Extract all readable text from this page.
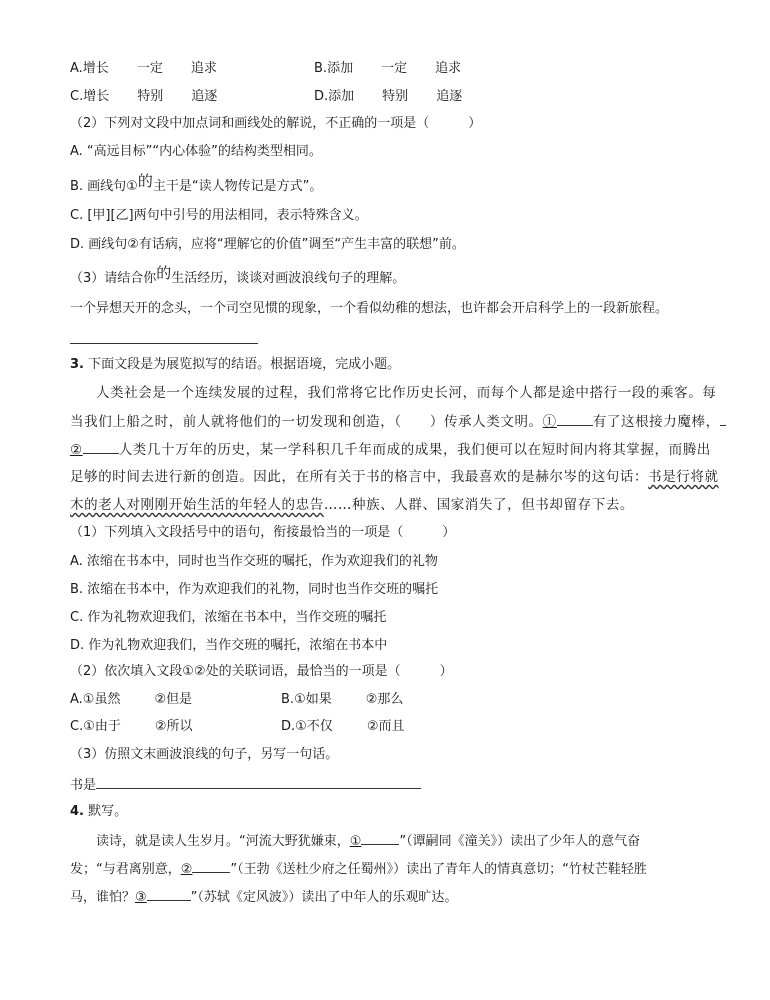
A.增长 一定 追求	B.添加 一定 追求
C.增长 特别 追逐	D.添加 特别 追逐
（2）下列对文段中加点词和画线处的解说，不正确的一项是（　　　）
A. “高远目标”“内心体验”的结构类型相同。
B. 画线句①的主干是“读人物传记是方式”。
C. [甲][乙]两句中引号的用法相同，表示特殊含义。
D. 画线句②有话病，应将“理解它的价值”调至“产生丰富的联想”前。
（3）请结合你的生活经历，谈谈对画波浪线句子的理解。
一个异想天开的念头，一个司空见惯的现象，一个看似幼稚的想法，也许都会开启科学上的一段新旅程。
3. 下面文段是为展览拟写的结语。根据语境，完成小题。
人类社会是一个连续发展的过程，我们常将它比作历史长河，而每个人都是途中搭行一段的乘客。每
当我们上船之时，前人就将他们的一切发现和创造，（　　）传承人类文明。①	有了这根接力魔棒，
②	人类几十万年的历史，某一学科积几千年而成的成果，我们便可以在短时间内将其掌握，而腾出
足够的时间去进行新的创造。因此，在所有关于书的格言中，我最喜欢的是赫尔岑的这句话：书是行将就
木的老人对刚刚开始生活的年轻人的忠告……种族、人群、国家消失了，但书却留存下去。
（1）下列填入文段括号中的语句，衔接最恰当的一项是（　　　）
A. 浓缩在书本中，同时也当作交班的嘱托，作为欢迎我们的礼物
B. 浓缩在书本中，作为欢迎我们的礼物，同时也当作交班的嘱托
C. 作为礼物欢迎我们，浓缩在书本中，当作交班的嘱托
D. 作为礼物欢迎我们，当作交班的嘱托，浓缩在书本中
（2）依次填入文段①②处的关联词语，最恰当的一项是（　　　）
A.①虽然	②但是	B.①如果	②那么
C.①由于	②所以	D.①不仅	②而且
（3）仿照文末画波浪线的句子，另写一句话。
书是
4. 默写。
读诗，就是读人生岁月。“河流大野犹嫌束，①	”（谭嗣同《潼关》）读出了少年人的意气奋
发；“与君离别意，②	”（王勃《送杜少府之任蜀州》）读出了青年人的情真意切；“竹杖芒鞋轻胜
马，谁怕？③	”（苏轼《定风波》）读出了中年人的乐观旷达。
